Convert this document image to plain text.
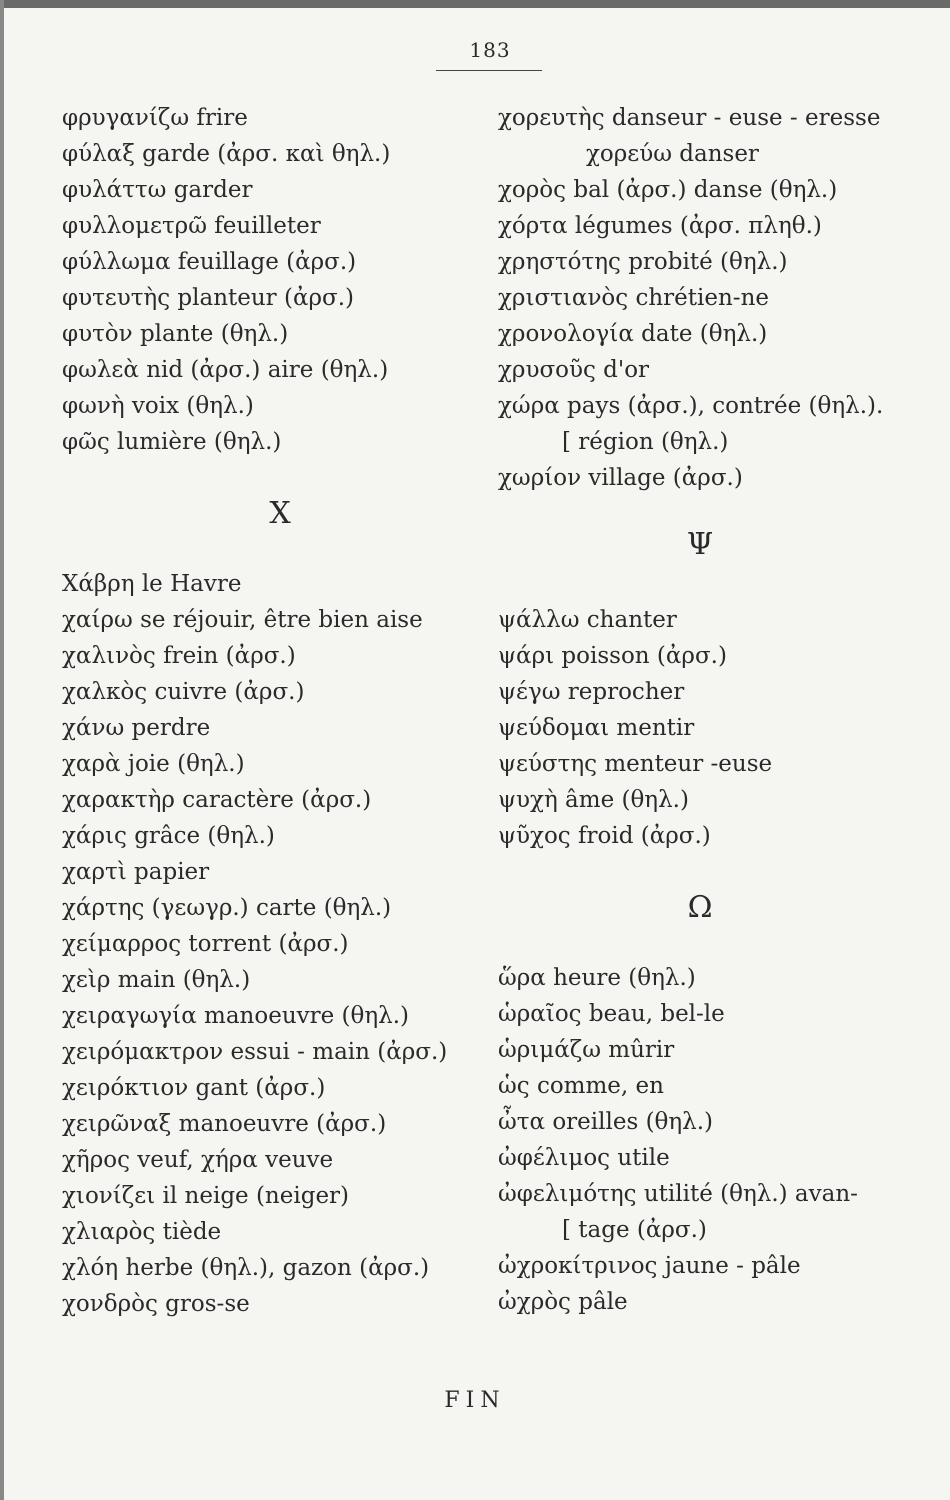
183
φρυγανίζω frire
φύλαξ garde (ἀρσ. καὶ θηλ.)
φυλάττω garder
φυλλομετρῶ feuilleter
φύλλωμα feuillage (ἀρσ.)
φυτευτὴς planteur (ἀρσ.)
φυτὸν plante (θηλ.)
φωλεὰ nid (ἀρσ.) aire (θηλ.)
φωνὴ voix (θηλ.)
φῶς lumière (θηλ.)
X
Χάβρη le Havre
χαίρω se réjouir, être bien aise
χαλινὸς frein (ἀρσ.)
χαλκὸς cuivre (ἀρσ.)
χάνω perdre
χαρὰ joie (θηλ.)
χαρακτὴρ caractère (ἀρσ.)
χάρις grâce (θηλ.)
χαρτὶ papier
χάρτης (γεωγρ.) carte (θηλ.)
χείμαρρος torrent (ἀρσ.)
χεὶρ main (θηλ.)
χειραγωγία manoeuvre (θηλ.)
χειρόμακτρον essui - main (ἀρσ.)
χειρόκτιον gant (ἀρσ.)
χειρῶναξ manoeuvre (ἀρσ.)
χῆρος veuf, χήρα veuve
χιονίζει il neige (neiger)
χλιαρὸς tiède
χλόη herbe (θηλ.), gazon (ἀρσ.)
χονδρὸς gros-se
χορευτὴς danseur - euse - eresse
χορεύω danser
χορὸς bal (ἀρσ.) danse (θηλ.)
χόρτα légumes (ἀρσ. πληθ.)
χρηστότης probité (θηλ.)
χριστιανὸς chrétien-ne
χρονολογία date (θηλ.)
χρυσοῦς d'or
χώρα pays (ἀρσ.), contrée (θηλ.).
[ région (θηλ.)
χωρίον village (ἀρσ.)
Ψ
ψάλλω chanter
ψάρι poisson (ἀρσ.)
ψέγω reprocher
ψεύδομαι mentir
ψεύστης menteur -euse
ψυχὴ âme (θηλ.)
ψῦχος froid (ἀρσ.)
Ω
ὥρα heure (θηλ.)
ὡραῖος beau, bel-le
ὡριμάζω mûrir
ὡς comme, en
ὦτα oreilles (θηλ.)
ὠφέλιμος utile
ὠφελιμότης utilité (θηλ.) avan-
[ tage (ἀρσ.)
ὠχροκίτρινος jaune - pâle
ὠχρὸς pâle
FIN
